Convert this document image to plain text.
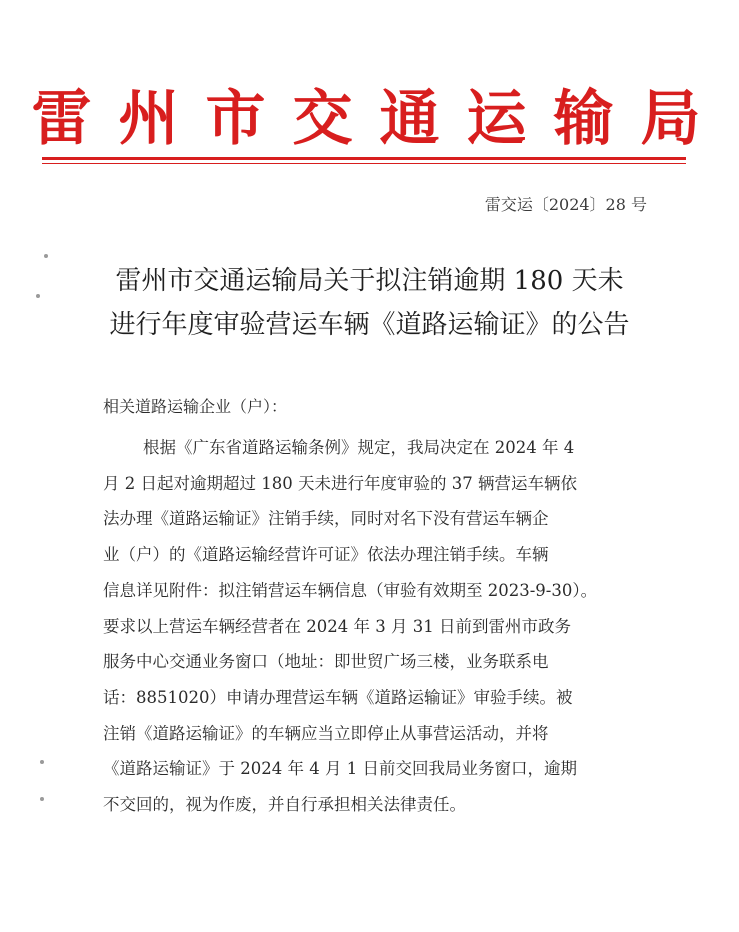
雷州市交通运输局
雷交运〔2024〕28 号
雷州市交通运输局关于拟注销逾期 180 天未
进行年度审验营运车辆《道路运输证》的公告
相关道路运输企业（户）：
根据《广东省道路运输条例》规定，我局决定在 2024 年 4
月 2 日起对逾期超过 180 天未进行年度审验的 37 辆营运车辆依
法办理《道路运输证》注销手续，同时对名下没有营运车辆企
业（户）的《道路运输经营许可证》依法办理注销手续。车辆
信息详见附件：拟注销营运车辆信息（审验有效期至 2023-9-30）。
要求以上营运车辆经营者在 2024 年 3 月 31 日前到雷州市政务
服务中心交通业务窗口（地址：即世贸广场三楼，业务联系电
话：8851020）申请办理营运车辆《道路运输证》审验手续。被
注销《道路运输证》的车辆应当立即停止从事营运活动，并将
《道路运输证》于 2024 年 4 月 1 日前交回我局业务窗口，逾期
不交回的，视为作废，并自行承担相关法律责任。
